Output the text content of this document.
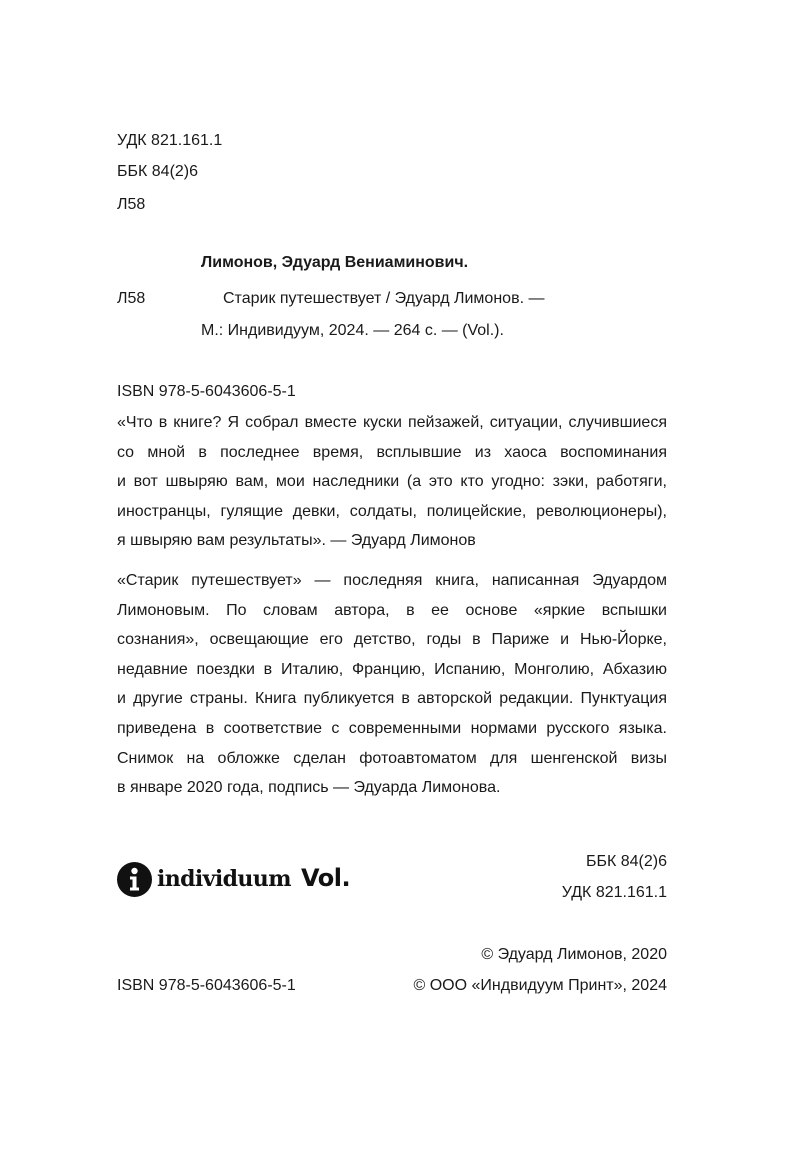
УДК 821.161.1
ББК 84(2)6
Л58
Лимонов, Эдуард Вениаминович.
Л58	Старик путешествует / Эдуард Лимонов. —
М.: Индивидуум, 2024. — 264 с. — (Vol.).
ISBN 978-5-6043606-5-1
«Что в книге? Я собрал вместе куски пейзажей, ситуации, случившиеся
со мной в последнее время, всплывшие из хаоса воспоминания
и вот швыряю вам, мои наследники (а это кто угодно: зэки, работяги,
иностранцы, гулящие девки, солдаты, полицейские, революционеры),
я швыряю вам результаты». — Эдуард Лимонов
«Старик путешествует» — последняя книга, написанная Эдуардом
Лимоновым. По словам автора, в ее основе «яркие вспышки
сознания», освещающие его детство, годы в Париже и Нью-Йорке,
недавние поездки в Италию, Францию, Испанию, Монголию, Абхазию
и другие страны. Книга публикуется в авторской редакции. Пунктуация
приведена в соответствие с современными нормами русского языка.
Снимок на обложке сделан фотоавтоматом для шенгенской визы
в январе 2020 года, подпись — Эдуарда Лимонова.
individuum Vol.
ББК 84(2)6
УДК 821.161.1
© Эдуард Лимонов, 2020
ISBN 978-5-6043606-5-1	© ООО «Индвидуум Принт», 2024
